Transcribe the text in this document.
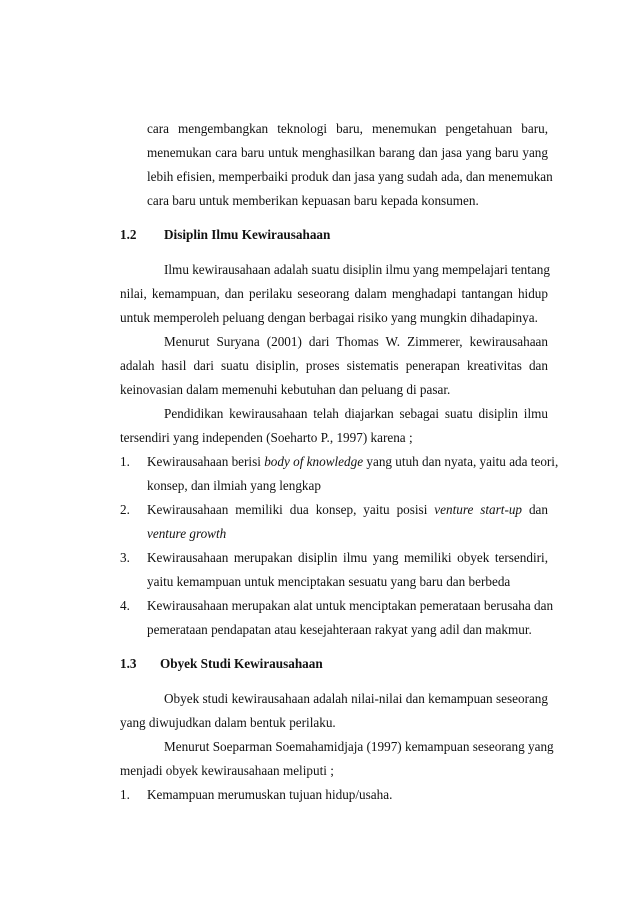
cara mengembangkan teknologi baru, menemukan pengetahuan baru,
menemukan cara baru untuk menghasilkan barang dan jasa yang baru yang
lebih efisien, memperbaiki produk dan jasa yang sudah ada, dan menemukan
cara baru untuk memberikan kepuasan baru kepada konsumen.
1.2 Disiplin Ilmu Kewirausahaan
Ilmu kewirausahaan adalah suatu disiplin ilmu yang mempelajari tentang
nilai, kemampuan, dan perilaku seseorang dalam menghadapi tantangan hidup
untuk memperoleh peluang dengan berbagai risiko yang mungkin dihadapinya.
Menurut Suryana (2001) dari Thomas W. Zimmerer, kewirausahaan
adalah hasil dari suatu disiplin, proses sistematis penerapan kreativitas dan
keinovasian dalam memenuhi kebutuhan dan peluang di pasar.
Pendidikan kewirausahaan telah diajarkan sebagai suatu disiplin ilmu
tersendiri yang independen (Soeharto P., 1997) karena ;
1. Kewirausahaan berisi body of knowledge yang utuh dan nyata, yaitu ada teori,
konsep, dan ilmiah yang lengkap
2. Kewirausahaan memiliki dua konsep, yaitu posisi venture start-up dan
venture growth
3. Kewirausahaan merupakan disiplin ilmu yang memiliki obyek tersendiri,
yaitu kemampuan untuk menciptakan sesuatu yang baru dan berbeda
4. Kewirausahaan merupakan alat untuk menciptakan pemerataan berusaha dan
pemerataan pendapatan atau kesejahteraan rakyat yang adil dan makmur.
1.3 Obyek Studi Kewirausahaan
Obyek studi kewirausahaan adalah nilai-nilai dan kemampuan seseorang
yang diwujudkan dalam bentuk perilaku.
Menurut Soeparman Soemahamidjaja (1997) kemampuan seseorang yang
menjadi obyek kewirausahaan meliputi ;
1. Kemampuan merumuskan tujuan hidup/usaha.
